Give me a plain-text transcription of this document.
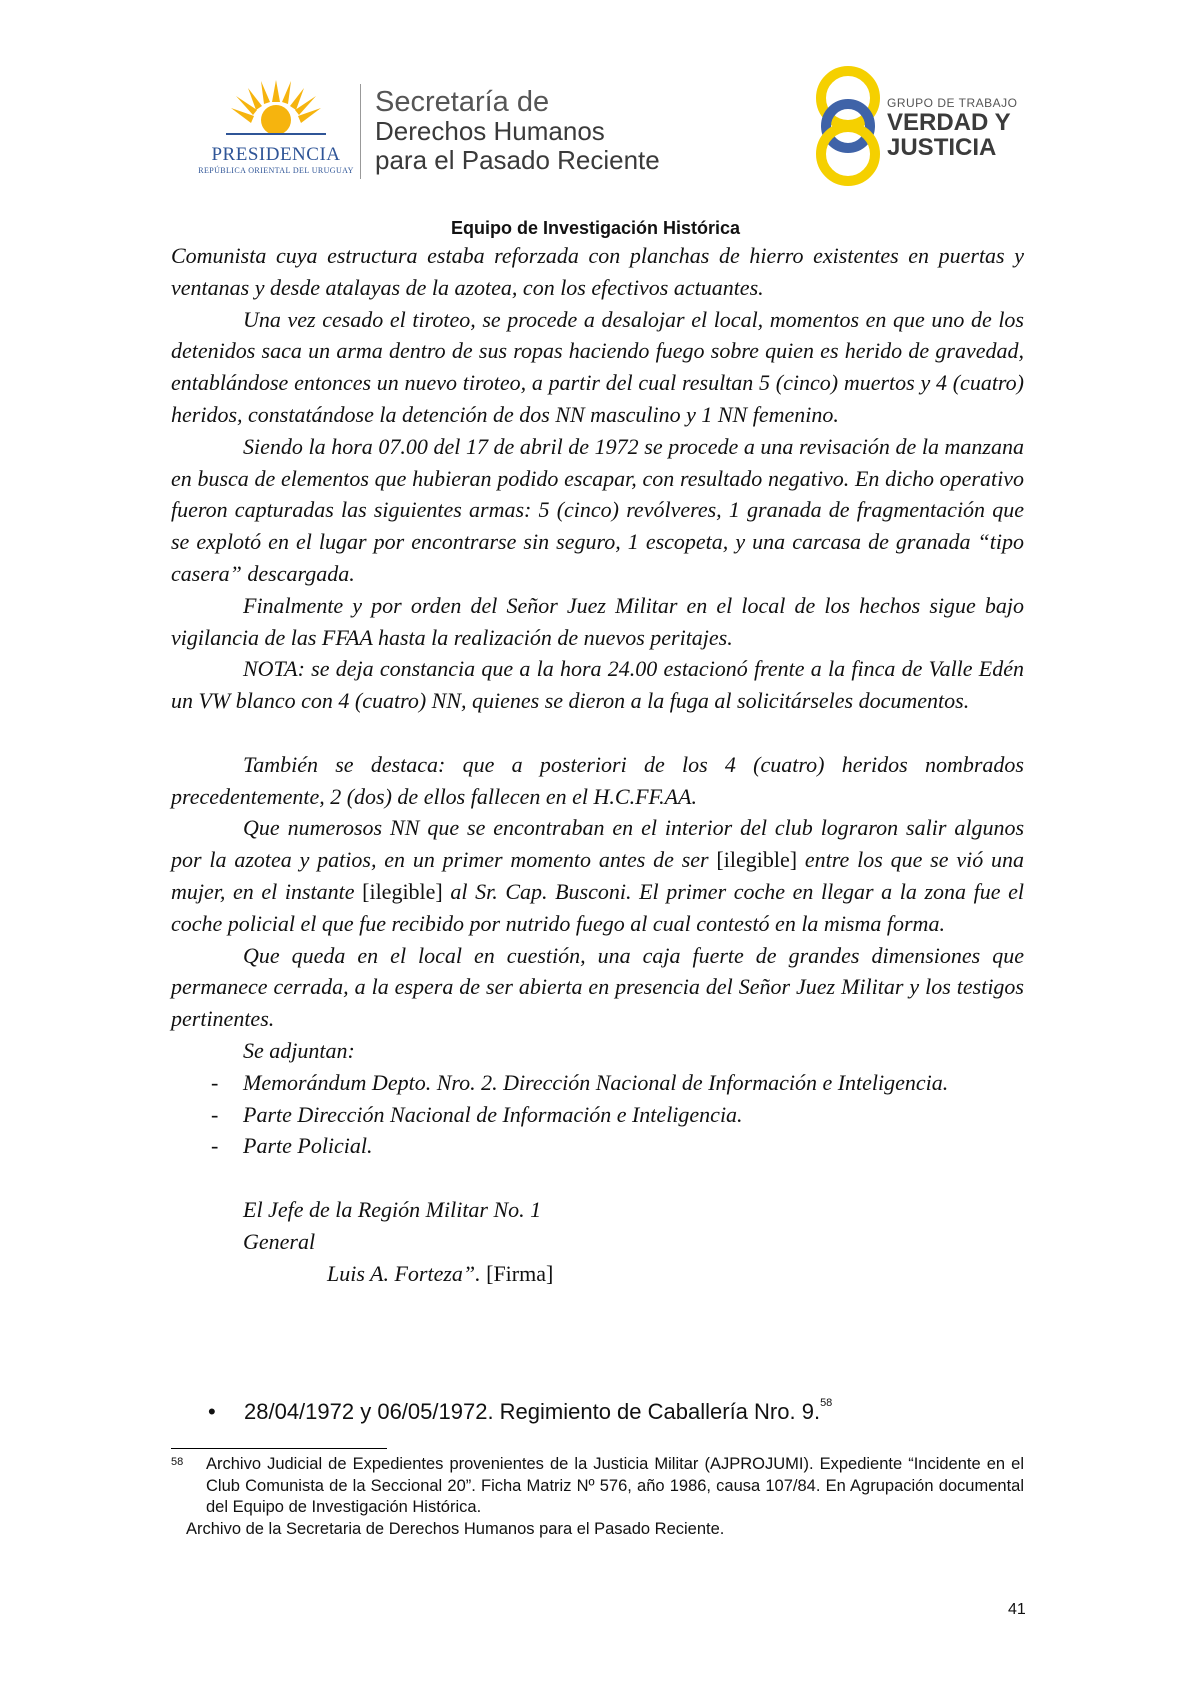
PRESIDENCIA
REPÚBLICA ORIENTAL DEL URUGUAY
Secretaría de
Derechos Humanos
para el Pasado Reciente
GRUPO DE TRABAJO
VERDAD Y
JUSTICIA
Equipo de Investigación Histórica

Comunista cuya estructura estaba reforzada con planchas de hierro existentes en puertas y ventanas y desde atalayas de la azotea, con los efectivos actuantes.

Una vez cesado el tiroteo, se procede a desalojar el local, momentos en que uno de los detenidos saca un arma dentro de sus ropas haciendo fuego sobre quien es herido de gravedad, entablándose entonces un nuevo tiroteo, a partir del cual resultan 5 (cinco) muertos y 4 (cuatro) heridos, constatándose la detención de dos NN masculino y 1 NN femenino.

Siendo la hora 07.00 del 17 de abril de 1972 se procede a una revisación de la manzana en busca de elementos que hubieran podido escapar, con resultado negativo. En dicho operativo fueron capturadas las siguientes armas: 5 (cinco) revólveres, 1 granada de fragmentación que se explotó en el lugar por encontrarse sin seguro, 1 escopeta, y una carcasa de granada “tipo casera” descargada.

Finalmente y por orden del Señor Juez Militar en el local de los hechos sigue bajo vigilancia de las FFAA hasta la realización de nuevos peritajes.

NOTA: se deja constancia que a la hora 24.00 estacionó frente a la finca de Valle Edén un VW blanco con 4 (cuatro) NN, quienes se dieron a la fuga al solicitárseles documentos.

También se destaca: que a posteriori de los 4 (cuatro) heridos nombrados precedentemente, 2 (dos) de ellos fallecen en el H.C.FF.AA.

Que numerosos NN que se encontraban en el interior del club lograron salir algunos por la azotea y patios, en un primer momento antes de ser [ilegible] entre los que se vió una mujer, en el instante [ilegible] al Sr. Cap. Busconi. El primer coche en llegar a la zona fue el coche policial el que fue recibido por nutrido fuego al cual contestó en la misma forma.

Que queda en el local en cuestión, una caja fuerte de grandes dimensiones que permanece cerrada, a la espera de ser abierta en presencia del Señor Juez Militar y los testigos pertinentes.

Se adjuntan:

- Memorándum Depto. Nro. 2. Dirección Nacional de Información e Inteligencia.
- Parte Dirección Nacional de Información e Inteligencia.
- Parte Policial.

El Jefe de la Región Militar No. 1

General

Luis A. Forteza”. [Firma]

• 28/04/1972 y 06/05/1972. Regimiento de Caballería Nro. 9.58
58	Archivo Judicial de Expedientes provenientes de la Justicia Militar (AJPROJUMI). Expediente “Incidente en el Club Comunista de la Seccional 20”. Ficha Matriz Nº 576, año 1986, causa 107/84. En Agrupación documental del Equipo de Investigación Histórica.
Archivo de la Secretaria de Derechos Humanos para el Pasado Reciente.
41
